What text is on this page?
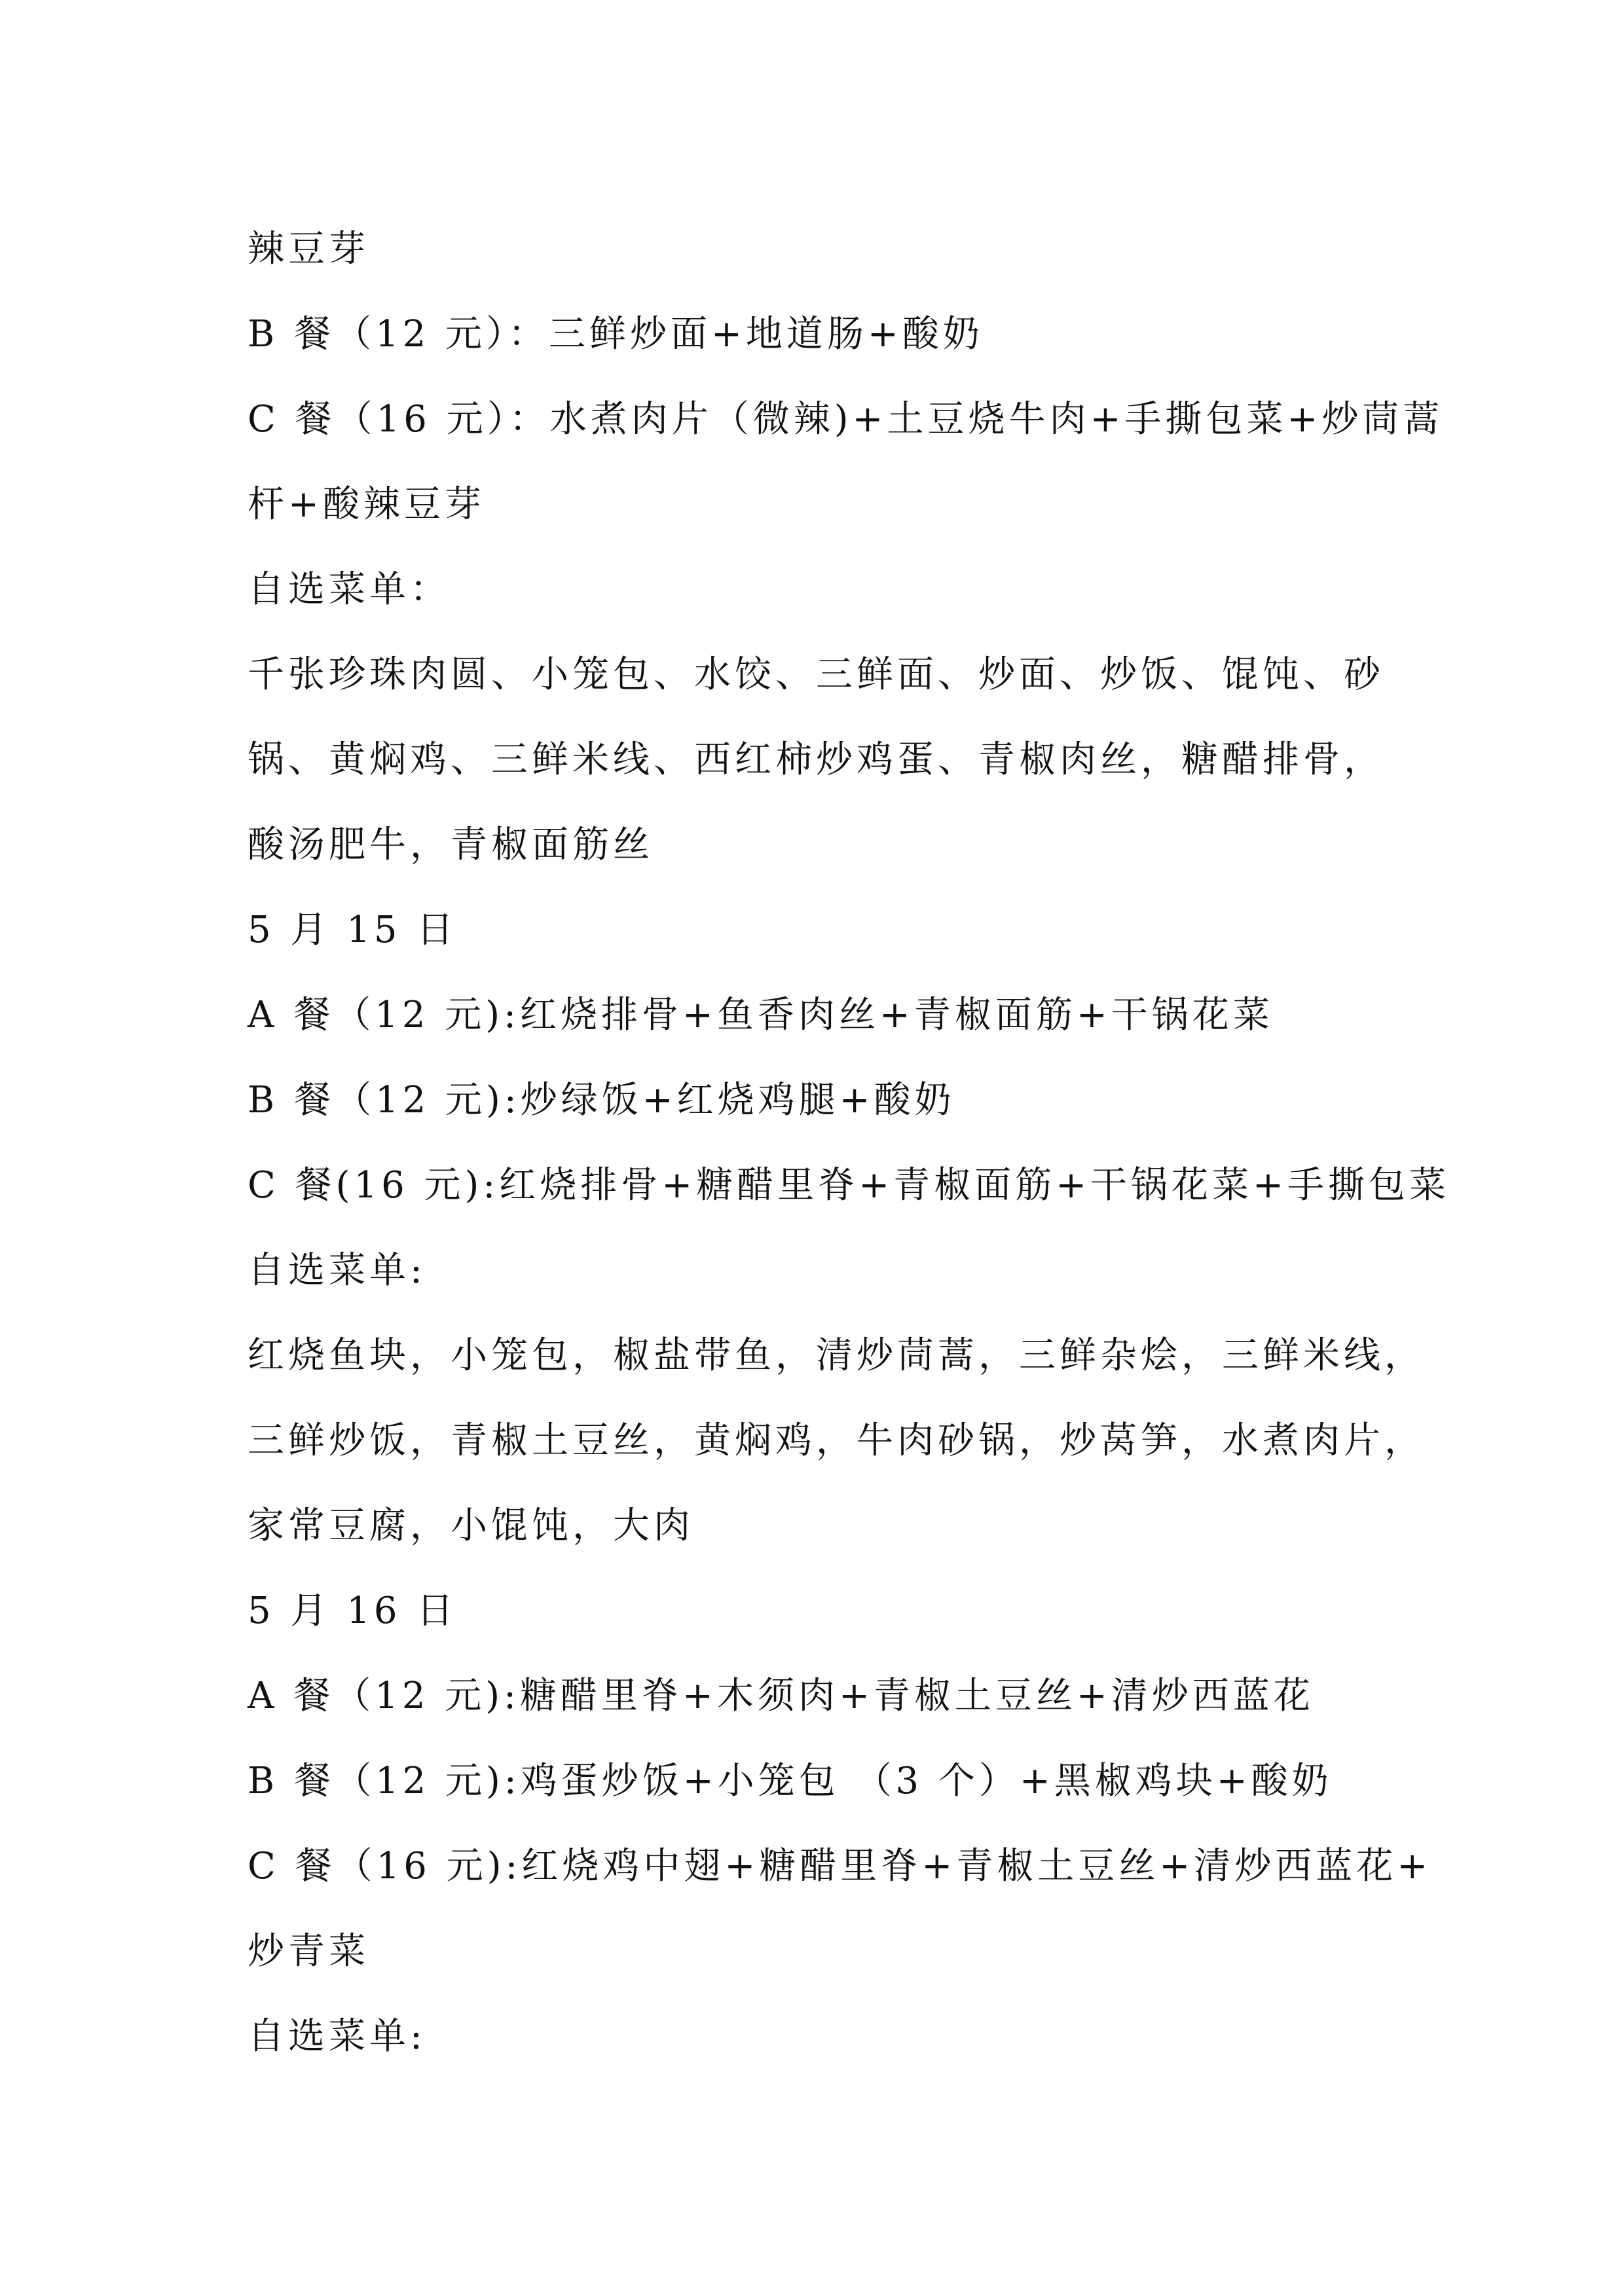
辣豆芽
B 餐（12 元）：三鲜炒面+地道肠+酸奶
C 餐（16 元）：水煮肉片（微辣)+土豆烧牛肉+手撕包菜+炒茼蒿
杆+酸辣豆芽
自选菜单：
千张珍珠肉圆、小笼包、水饺、三鲜面、炒面、炒饭、馄饨、砂
锅、黄焖鸡、三鲜米线、西红柿炒鸡蛋、青椒肉丝，糖醋排骨，
酸汤肥牛，青椒面筋丝
5 月 15 日
A 餐（12 元):红烧排骨+鱼香肉丝+青椒面筋+干锅花菜
B 餐（12 元):炒绿饭+红烧鸡腿+酸奶
C 餐(16 元):红烧排骨+糖醋里脊+青椒面筋+干锅花菜+手撕包菜
自选菜单:
红烧鱼块，小笼包，椒盐带鱼，清炒茼蒿，三鲜杂烩，三鲜米线，
三鲜炒饭，青椒土豆丝，黄焖鸡，牛肉砂锅，炒莴笋，水煮肉片，
家常豆腐，小馄饨，大肉
5 月 16 日
A 餐（12 元):糖醋里脊+木须肉+青椒土豆丝+清炒西蓝花
B 餐（12 元):鸡蛋炒饭+小笼包 （3 个）+黑椒鸡块+酸奶
C 餐（16 元):红烧鸡中翅+糖醋里脊+青椒土豆丝+清炒西蓝花+
炒青菜
自选菜单:
